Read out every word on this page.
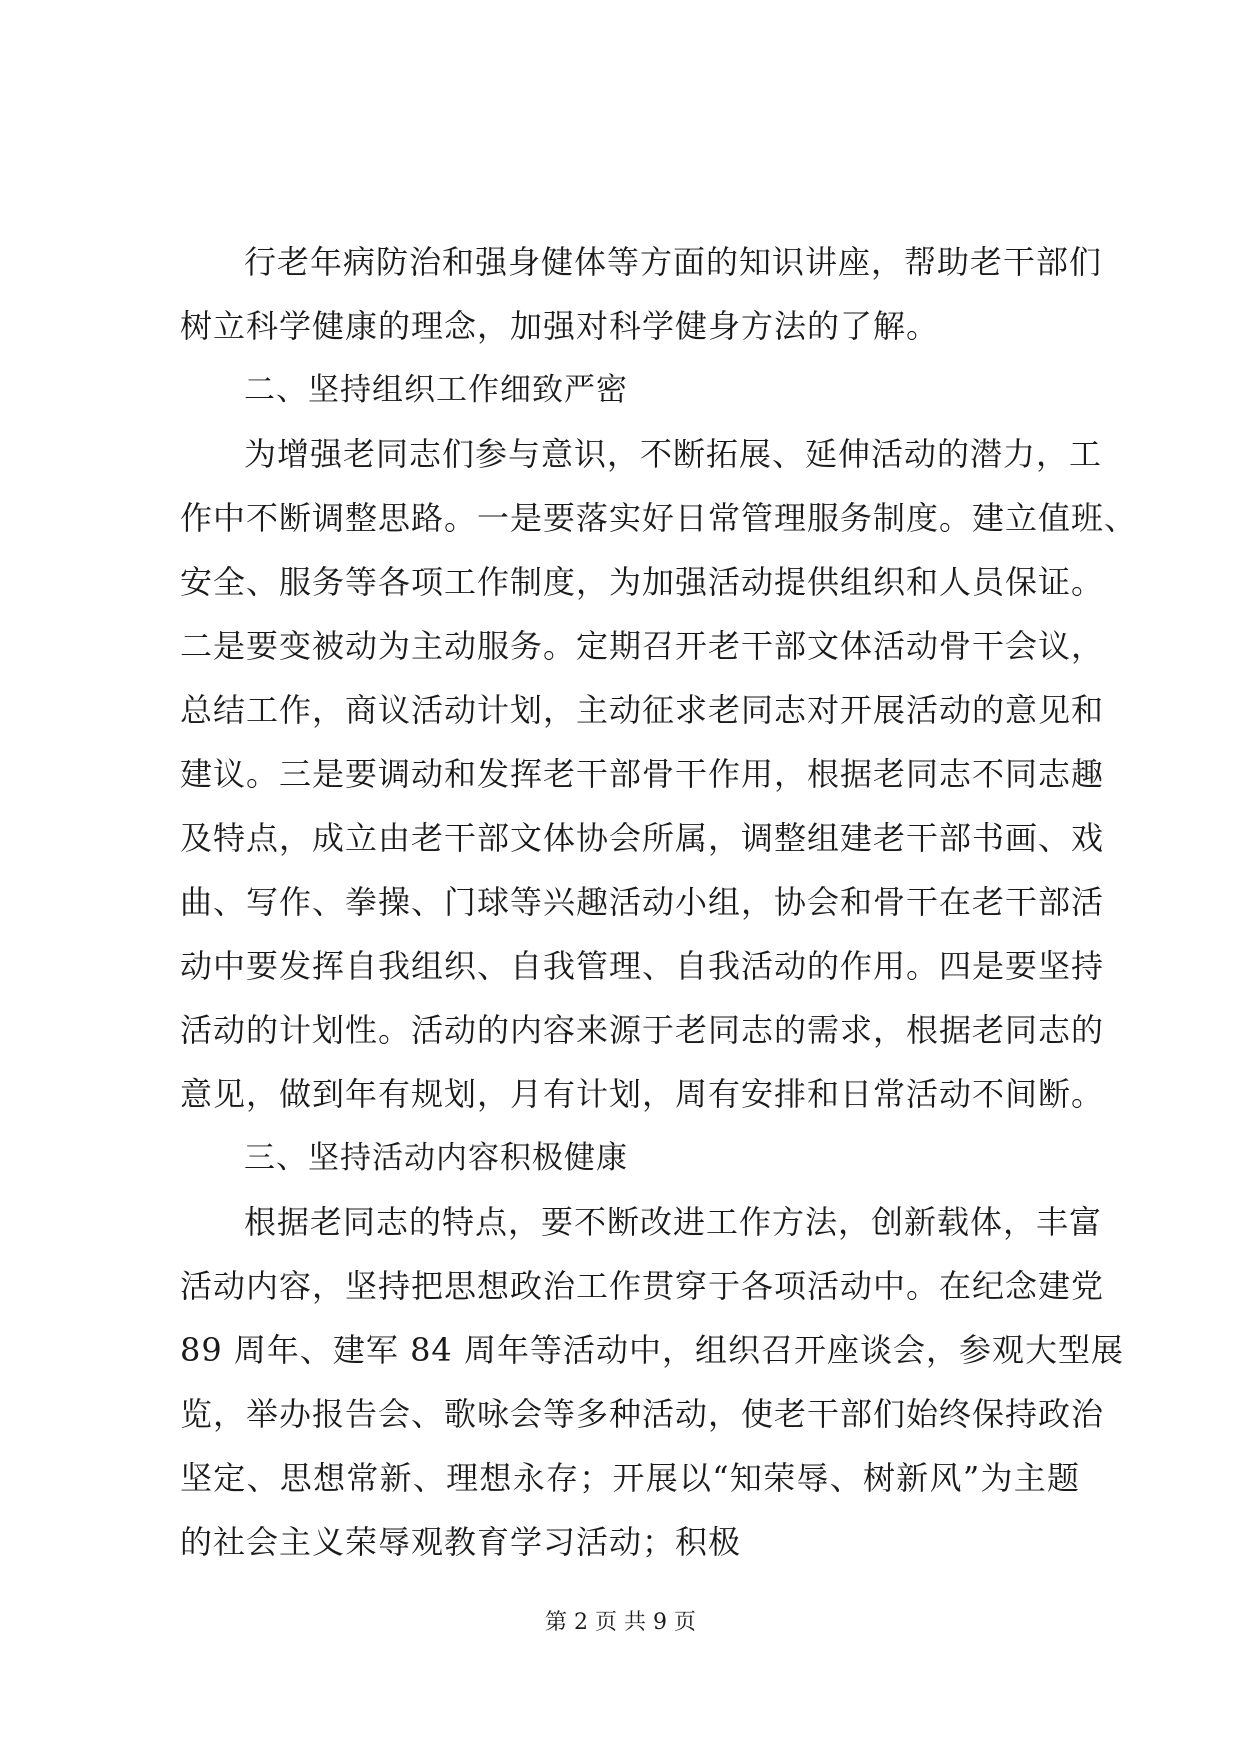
行老年病防治和强身健体等方面的知识讲座，帮助老干部们
树立科学健康的理念，加强对科学健身方法的了解。
二、坚持组织工作细致严密
为增强老同志们参与意识，不断拓展、延伸活动的潜力，工
作中不断调整思路。一是要落实好日常管理服务制度。建立值班、
安全、服务等各项工作制度，为加强活动提供组织和人员保证。
二是要变被动为主动服务。定期召开老干部文体活动骨干会议，
总结工作，商议活动计划，主动征求老同志对开展活动的意见和
建议。三是要调动和发挥老干部骨干作用，根据老同志不同志趣
及特点，成立由老干部文体协会所属，调整组建老干部书画、戏
曲、写作、拳操、门球等兴趣活动小组，协会和骨干在老干部活
动中要发挥自我组织、自我管理、自我活动的作用。四是要坚持
活动的计划性。活动的内容来源于老同志的需求，根据老同志的
意见，做到年有规划，月有计划，周有安排和日常活动不间断。
三、坚持活动内容积极健康
根据老同志的特点，要不断改进工作方法，创新载体，丰富
活动内容，坚持把思想政治工作贯穿于各项活动中。在纪念建党
89 周年、建军 84 周年等活动中，组织召开座谈会，参观大型展
览，举办报告会、歌咏会等多种活动，使老干部们始终保持政治
坚定、思想常新、理想永存；开展以“知荣辱、树新风”为主题
的社会主义荣辱观教育学习活动；积极
第 2 页 共 9 页
